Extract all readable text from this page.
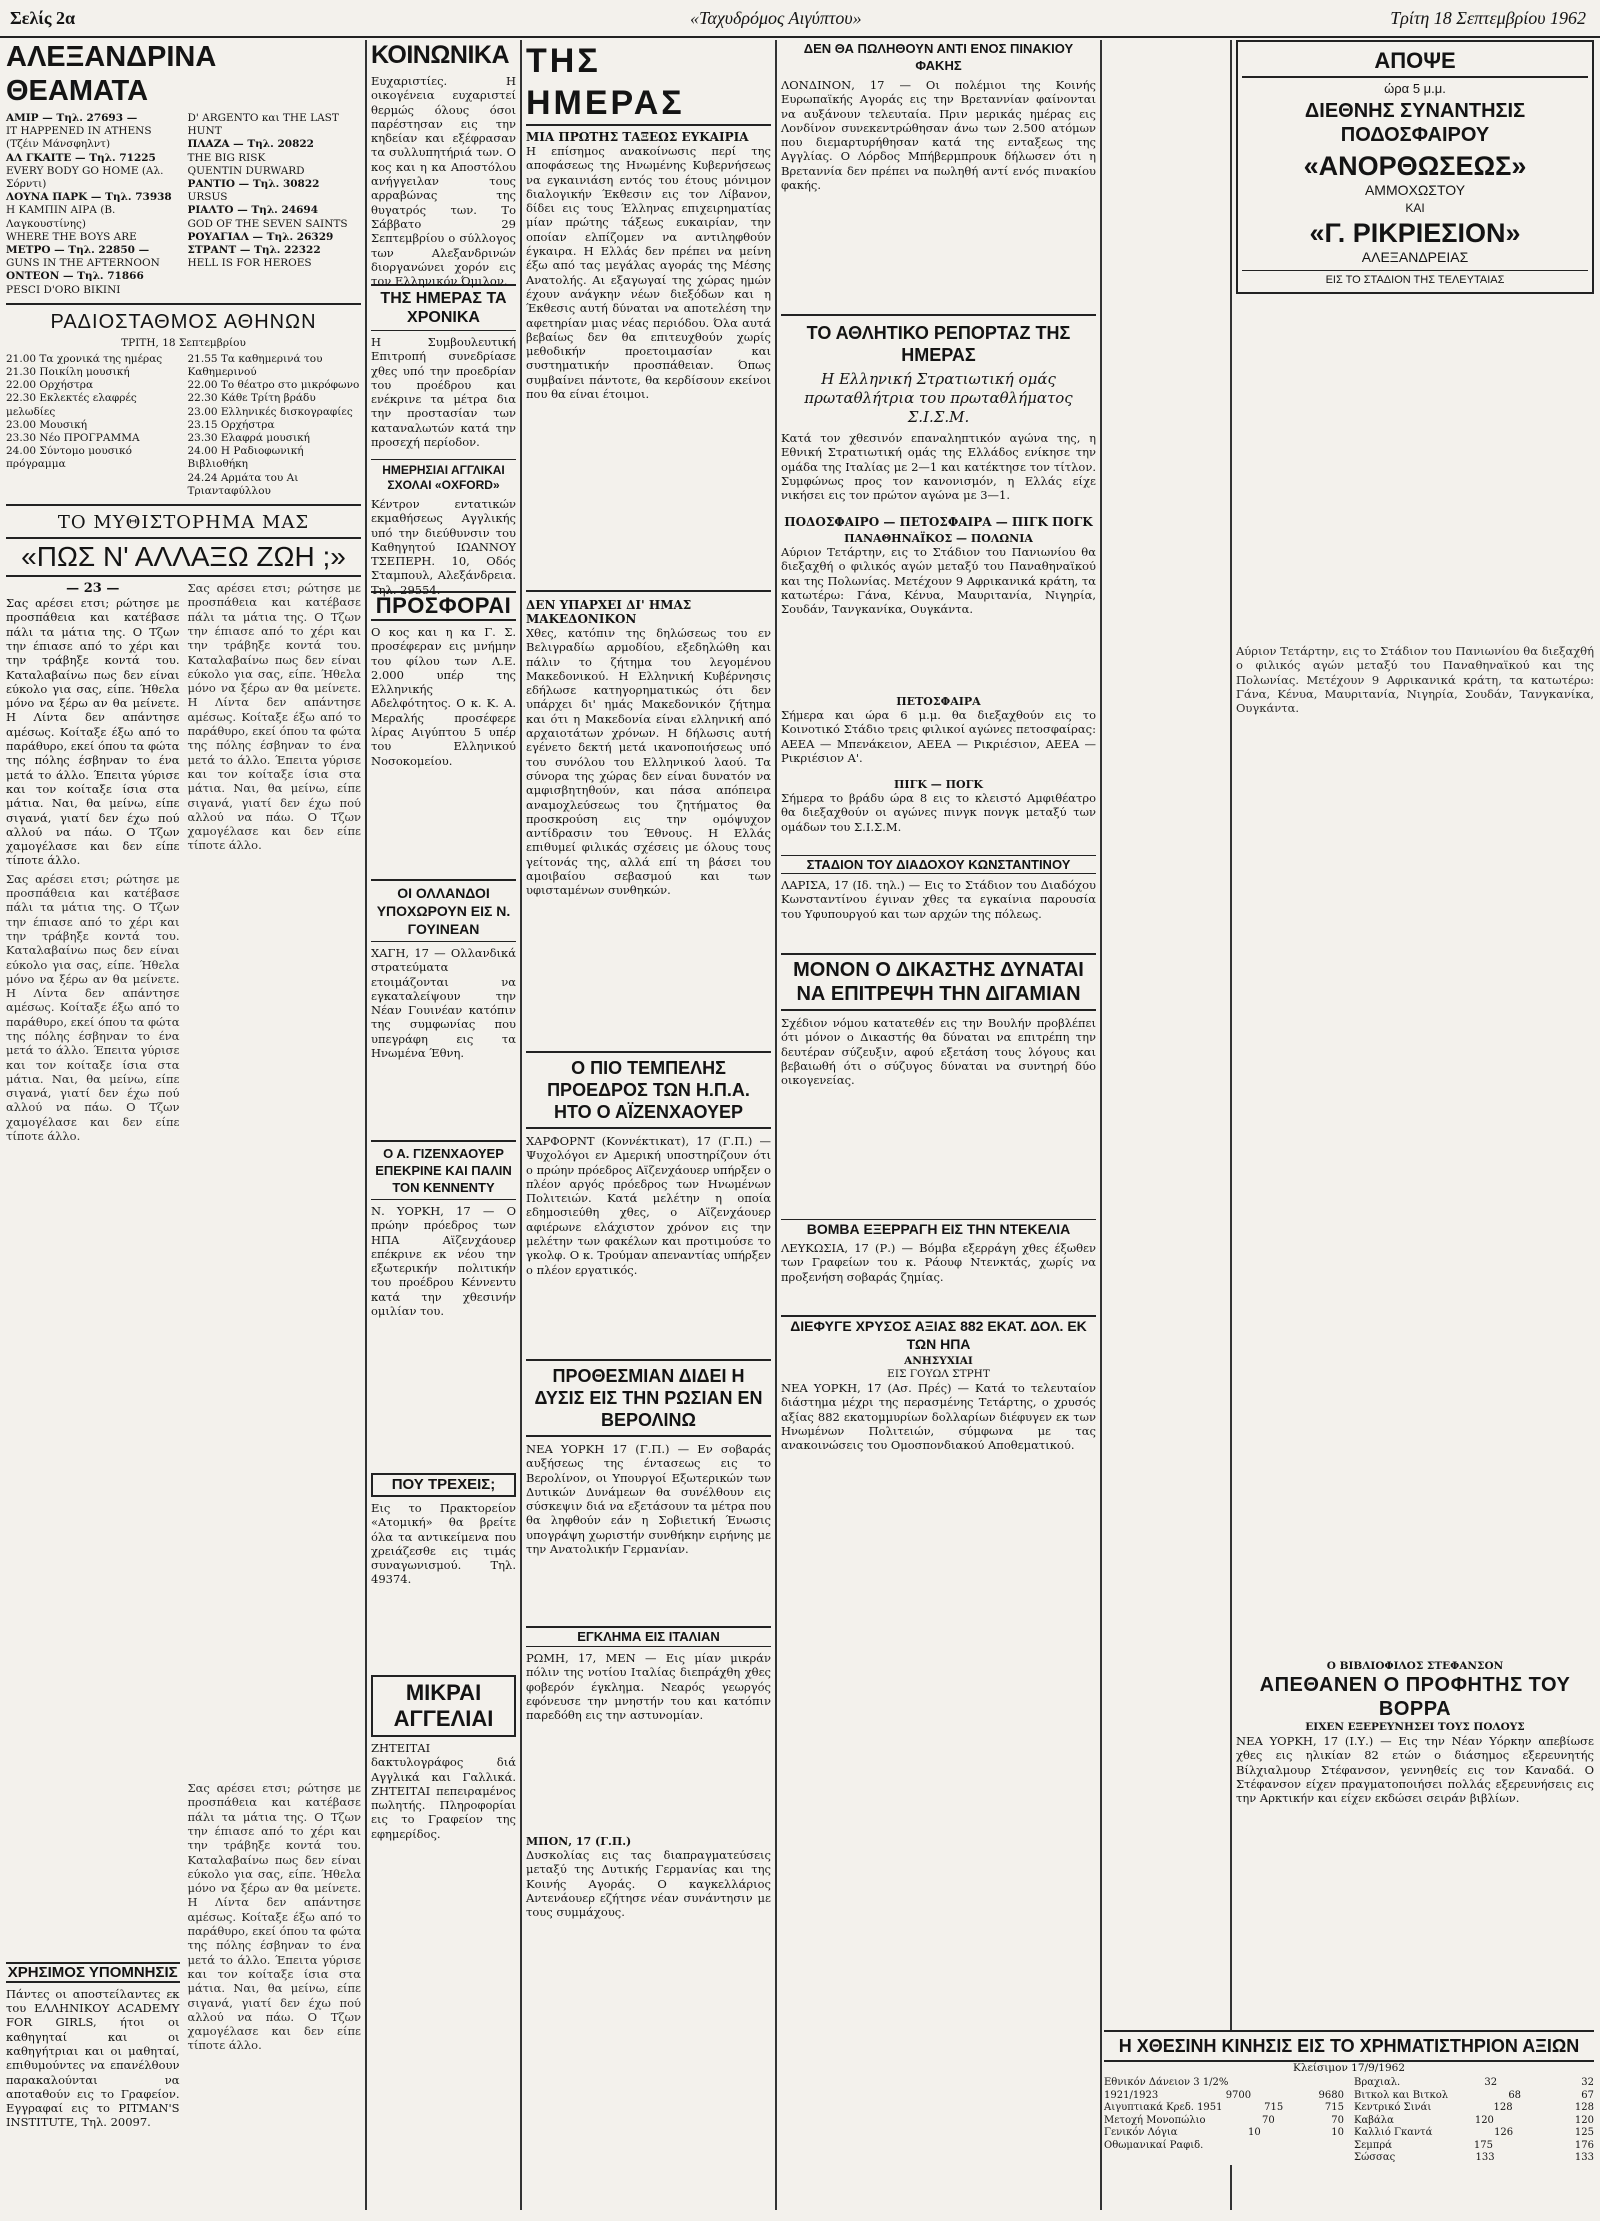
Σελίς 2α	«Ταχυδρόμος Αιγύπτου»	Τρίτη 18 Σεπτεμβρίου 1962
ΑΛΕΞΑΝΔΡΙΝΑ ΘΕΑΜΑΤΑ
ΑΜΙΡ — Τηλ. 27693 —
IT HAPPENED IN ATHENS (Τζέιν Μάνσφηλντ)
ΑΛ ΓΚΑΙΤΕ — Τηλ. 71225
EVERY BODY GO HOME (Αλ. Σόρντι)
ΛΟΥΝΑ ΠΑΡΚ — Τηλ. 73938
Η ΚΑΜΠΙΝ ΑΙΡΑ (Β. Λαγκουστίνης)
WHERE THE BOYS ARE
ΜΕΤΡΟ — Τηλ. 22850 —
GUNS IN THE AFTERNOON
ΟΝΤΕΟΝ — Τηλ. 71866
PESCI D'ORO BIKINI
D' ARGENTO και THE LAST HUNT
ΠΛΑΖΑ — Τηλ. 20822
THE BIG RISK
QUENTIN DURWARD
ΡΑΝΤΙΟ — Τηλ. 30822
URSUS
ΡΙΑΛΤΟ — Τηλ. 24694
GOD OF THE SEVEN SAINTS
ΡΟΥΑΓΙΑΛ — Τηλ. 26329
ΣΤΡΑΝΤ — Τηλ. 22322
HELL IS FOR HEROES
ΡΑΔΙΟΣΤΑΘΜΟΣ ΑΘΗΝΩΝ
ΤΡΙΤΗ, 18 Σεπτεμβρίου
21.00 Τα χρονικά της ημέρας
21.30 Ποικίλη μουσική
22.00 Ορχήστρα
22.30 Εκλεκτές ελαφρές μελωδίες
23.00 Μουσική
23.30 Νέο ΠΡΟΓΡΑΜΜΑ
24.00 Σύντομο μουσικό πρόγραμμα
21.55 Τα καθημερινά του Καθημερινού
22.00 Το θέατρο στο μικρόφωνο
22.30 Κάθε Τρίτη βράδυ
23.00 Ελληνικές δισκογραφίες
23.15 Ορχήστρα
23.30 Ελαφρά μουσική
24.00 Η Ραδιοφωνική Βιβλιοθήκη
24.24 Αρμάτα του Αι Τριανταφύλλου
ΤΟ ΜΥΘΙΣΤΟΡΗΜΑ ΜΑΣ
«ΠΩΣ Ν' ΑΛΛΑΞΩ ΖΩΗ ;»
— 23 —
Σας αρέσει ετσι; ρώτησε με προσπάθεια και κατέβασε πάλι τα μάτια της. Ο Τζων την έπιασε από το χέρι και την τράβηξε κοντά του. Καταλαβαίνω πως δεν είναι εύκολο για σας, είπε. Ήθελα μόνο να ξέρω αν θα μείνετε. Η Λίντα δεν απάντησε αμέσως. Κοίταξε έξω από το παράθυρο, εκεί όπου τα φώτα της πόλης έσβηναν το ένα μετά το άλλο. Έπειτα γύρισε και τον κοίταξε ίσια στα μάτια. Ναι, θα μείνω, είπε σιγανά, γιατί δεν έχω πού αλλού να πάω. Ο Τζων χαμογέλασε και δεν είπε τίποτε άλλο.
Σας αρέσει ετσι; ρώτησε με προσπάθεια και κατέβασε πάλι τα μάτια της. Ο Τζων την έπιασε από το χέρι και την τράβηξε κοντά του. Καταλαβαίνω πως δεν είναι εύκολο για σας, είπε. Ήθελα μόνο να ξέρω αν θα μείνετε. Η Λίντα δεν απάντησε αμέσως. Κοίταξε έξω από το παράθυρο, εκεί όπου τα φώτα της πόλης έσβηναν το ένα μετά το άλλο. Έπειτα γύρισε και τον κοίταξε ίσια στα μάτια. Ναι, θα μείνω, είπε σιγανά, γιατί δεν έχω πού αλλού να πάω. Ο Τζων χαμογέλασε και δεν είπε τίποτε άλλο.
ΧΡΗΣΙΜΟΣ ΥΠΟΜΝΗΣΙΣ
Πάντες οι αποστείλαντες εκ του ΕΛΛΗΝΙΚΟΥ ACADEMY FOR GIRLS, ήτοι οι καθηγηταί και οι καθηγήτριαι και οι μαθηταί, επιθυμούντες να επανέλθουν παρακαλούνται να αποταθούν εις το Γραφείον. Εγγραφαί εις το PITMAN'S INSTITUTE, Τηλ. 20097.
Σας αρέσει ετσι; ρώτησε με προσπάθεια και κατέβασε πάλι τα μάτια της. Ο Τζων την έπιασε από το χέρι και την τράβηξε κοντά του. Καταλαβαίνω πως δεν είναι εύκολο για σας, είπε. Ήθελα μόνο να ξέρω αν θα μείνετε. Η Λίντα δεν απάντησε αμέσως. Κοίταξε έξω από το παράθυρο, εκεί όπου τα φώτα της πόλης έσβηναν το ένα μετά το άλλο. Έπειτα γύρισε και τον κοίταξε ίσια στα μάτια. Ναι, θα μείνω, είπε σιγανά, γιατί δεν έχω πού αλλού να πάω. Ο Τζων χαμογέλασε και δεν είπε τίποτε άλλο.
Σας αρέσει ετσι; ρώτησε με προσπάθεια και κατέβασε πάλι τα μάτια της. Ο Τζων την έπιασε από το χέρι και την τράβηξε κοντά του. Καταλαβαίνω πως δεν είναι εύκολο για σας, είπε. Ήθελα μόνο να ξέρω αν θα μείνετε. Η Λίντα δεν απάντησε αμέσως. Κοίταξε έξω από το παράθυρο, εκεί όπου τα φώτα της πόλης έσβηναν το ένα μετά το άλλο. Έπειτα γύρισε και τον κοίταξε ίσια στα μάτια. Ναι, θα μείνω, είπε σιγανά, γιατί δεν έχω πού αλλού να πάω. Ο Τζων χαμογέλασε και δεν είπε τίποτε άλλο.
ΚΟΙΝΩΝΙΚΑ
Ευχαριστίες. Η οικογένεια ευχαριστεί θερμώς όλους όσοι παρέστησαν εις την κηδείαν και εξέφρασαν τα συλλυπητήριά των. Ο κος και η κα Αποστόλου ανήγγειλαν τους αρραβώνας της θυγατρός των. Το Σάββατο 29 Σεπτεμβρίου ο σύλλογος των Αλεξανδρινών διοργανώνει χορόν εις τον Ελληνικόν Όμιλον.
ΤΗΣ ΗΜΕΡΑΣ ΤΑ ΧΡΟΝΙΚΑ
Η Συμβουλευτική Επιτροπή συνεδρίασε χθες υπό την προεδρίαν του προέδρου και ενέκρινε τα μέτρα δια την προστασίαν των καταναλωτών κατά την προσεχή περίοδον.
ΗΜΕΡΗΣΙΑΙ ΑΓΓΛΙΚΑΙ ΣΧΟΛΑΙ «OXFORD»
Κέντρον εντατικών εκμαθήσεως Αγγλικής υπό την διεύθυνσιν του Καθηγητού ΙΩΑΝΝΟΥ ΤΣΕΠΕΡΗ. 10, Οδός Σταμπουλ, Αλεξάνδρεια. Τηλ. 29554.
ΠΡΟΣΦΟΡΑΙ
Ο κος και η κα Γ. Σ. προσέφεραν εις μνήμην του φίλου των Λ.Ε. 2.000 υπέρ της Ελληνικής Αδελφότητος. Ο κ. Κ. Α. Μεραλής προσέφερε λίρας Αιγύπτου 5 υπέρ του Ελληνικού Νοσοκομείου.
ΟΙ ΟΛΛΑΝΔΟΙ ΥΠΟΧΩΡΟΥΝ ΕΙΣ Ν. ΓΟΥΙΝΕΑΝ
ΧΑΓΗ, 17 — Ολλανδικά στρατεύματα ετοιμάζονται να εγκαταλείψουν την Νέαν Γουινέαν κατόπιν της συμφωνίας που υπεγράφη εις τα Ηνωμένα Έθνη.
Ο Α. ΓΙΖΕΝΧΑΟΥΕΡ ΕΠΕΚΡΙΝΕ ΚΑΙ ΠΑΛΙΝ ΤΟΝ ΚΕΝΝΕΝΤΥ
Ν. ΥΟΡΚΗ, 17 — Ο πρώην πρόεδρος των ΗΠΑ Αϊζενχάουερ επέκρινε εκ νέου την εξωτερικήν πολιτικήν του προέδρου Κέννεντυ κατά την χθεσινήν ομιλίαν του.
ΠΟΥ ΤΡΕΧΕΙΣ;
Εις το Πρακτορείον «Ατομική» θα βρείτε όλα τα αντικείμενα που χρειάζεσθε εις τιμάς συναγωνισμού. Τηλ. 49374.
ΜΙΚΡΑΙ ΑΓΓΕΛΙΑΙ
ΖΗΤΕΙΤΑΙ δακτυλογράφος διά Αγγλικά και Γαλλικά. ΖΗΤΕΙΤΑΙ πεπειραμένος πωλητής. Πληροφορίαι εις το Γραφείον της εφημερίδος.
ΤΗΣ ΗΜΕΡΑΣ
ΜΙΑ ΠΡΩΤΗΣ ΤΑΞΕΩΣ ΕΥΚΑΙΡΙΑ
Η επίσημος ανακοίνωσις περί της αποφάσεως της Ηνωμένης Κυβερνήσεως να εγκαινιάση εντός του έτους μόνιμον διαλογικήν Έκθεσιν εις τον Λίβανον, δίδει εις τους Έλληνας επιχειρηματίας μίαν πρώτης τάξεως ευκαιρίαν, την οποίαν ελπίζομεν να αντιληφθούν έγκαιρα. Η Ελλάς δεν πρέπει να μείνη έξω από τας μεγάλας αγοράς της Μέσης Ανατολής. Αι εξαγωγαί της χώρας ημών έχουν ανάγκην νέων διεξόδων και η Έκθεσις αυτή δύναται να αποτελέση την αφετηρίαν μιας νέας περιόδου. Όλα αυτά βεβαίως δεν θα επιτευχθούν χωρίς μεθοδικήν προετοιμασίαν και συστηματικήν προσπάθειαν. Όπως συμβαίνει πάντοτε, θα κερδίσουν εκείνοι που θα είναι έτοιμοι.
ΔΕΝ ΥΠΑΡΧΕΙ ΔΙ' ΗΜΑΣ ΜΑΚΕΔΟΝΙΚΟΝ
Χθες, κατόπιν της δηλώσεως του εν Βελιγραδίω αρμοδίου, εξεδηλώθη και πάλιν το ζήτημα του λεγομένου Μακεδονικού. Η Ελληνική Κυβέρνησις εδήλωσε κατηγορηματικώς ότι δεν υπάρχει δι' ημάς Μακεδονικόν ζήτημα και ότι η Μακεδονία είναι ελληνική από αρχαιοτάτων χρόνων. Η δήλωσις αυτή εγένετο δεκτή μετά ικανοποιήσεως υπό του συνόλου του Ελληνικού λαού. Τα σύνορα της χώρας δεν είναι δυνατόν να αμφισβητηθούν, και πάσα απόπειρα αναμοχλεύσεως του ζητήματος θα προσκρούση εις την ομόψυχον αντίδρασιν του Έθνους. Η Ελλάς επιθυμεί φιλικάς σχέσεις με όλους τους γείτονάς της, αλλά επί τη βάσει του αμοιβαίου σεβασμού και των υφισταμένων συνθηκών.
Ο ΠΙΟ ΤΕΜΠΕΛΗΣ ΠΡΟΕΔΡΟΣ ΤΩΝ Η.Π.Α. ΗΤΟ Ο ΑΪΖΕΝΧΑΟΥΕΡ
ΧΑΡΦΟΡΝΤ (Κοννέκτικατ), 17 (Γ.Π.) — Ψυχολόγοι εν Αμερική υποστηρίζουν ότι ο πρώην πρόεδρος Αϊζενχάουερ υπήρξεν ο πλέον αργός πρόεδρος των Ηνωμένων Πολιτειών. Κατά μελέτην η οποία εδημοσιεύθη χθες, ο Αϊζενχάουερ αφιέρωνε ελάχιστον χρόνον εις την μελέτην των φακέλων και προτιμούσε το γκολφ. Ο κ. Τρούμαν απεναντίας υπήρξεν ο πλέον εργατικός.
ΠΡΟΘΕΣΜΙΑΝ ΔΙΔΕΙ Η ΔΥΣΙΣ ΕΙΣ ΤΗΝ ΡΩΣΙΑΝ ΕΝ ΒΕΡΟΛΙΝΩ
ΝΕΑ ΥΟΡΚΗ 17 (Γ.Π.) — Εν σοβαράς αυξήσεως της έντασεως εις το Βερολίνον, οι Υπουργοί Εξωτερικών των Δυτικών Δυνάμεων θα συνέλθουν εις σύσκεψιν διά να εξετάσουν τα μέτρα που θα ληφθούν εάν η Σοβιετική Ένωσις υπογράψη χωριστήν συνθήκην ειρήνης με την Ανατολικήν Γερμανίαν.
ΕΓΚΛΗΜΑ ΕΙΣ ΙΤΑΛΙΑΝ
ΡΩΜΗ, 17, ΜΕΝ — Εις μίαν μικράν πόλιν της νοτίου Ιταλίας διεπράχθη χθες φοβερόν έγκλημα. Νεαρός γεωργός εφόνευσε την μνηστήν του και κατόπιν παρεδόθη εις την αστυνομίαν.
ΜΠΟΝ, 17 (Γ.Π.)
Δυσκολίας εις τας διαπραγματεύσεις μεταξύ της Δυτικής Γερμανίας και της Κοινής Αγοράς. Ο καγκελλάριος Αντενάουερ εζήτησε νέαν συνάντησιν με τους συμμάχους.
ΔΕΝ ΘΑ ΠΩΛΗΘΟΥΝ ΑΝΤΙ ΕΝΟΣ ΠΙΝΑΚΙΟΥ ΦΑΚΗΣ
ΛΟΝΔΙΝΟΝ, 17 — Οι πολέμιοι της Κοινής Ευρωπαϊκής Αγοράς εις την Βρεταννίαν φαίνονται να αυξάνουν τελευταία. Πριν μερικάς ημέρας εις Λονδίνον συνεκεντρώθησαν άνω των 2.500 ατόμων που διεμαρτυρήθησαν κατά της ενταξεως της Αγγλίας. Ο Λόρδος Μπήβερμπρουκ δήλωσεν ότι η Βρεταννία δεν πρέπει να πωληθή αντί ενός πινακίου φακής.
ΤΟ ΑΘΛΗΤΙΚΟ ΡΕΠΟΡΤΑΖ ΤΗΣ ΗΜΕΡΑΣ
Η Ελληνική Στρατιωτική ομάς πρωταθλήτρια του πρωταθλήματος Σ.Ι.Σ.Μ.
Κατά τον χθεσινόν επαναληπτικόν αγώνα της, η Εθνική Στρατιωτική ομάς της Ελλάδος ενίκησε την ομάδα της Ιταλίας με 2—1 και κατέκτησε τον τίτλον. Συμφώνως προς τον κανονισμόν, η Ελλάς είχε νικήσει εις τον πρώτον αγώνα με 3—1.
ΠΟΔΟΣΦΑΙΡΟ — ΠΕΤΟΣΦΑΙΡΑ — ΠΙΓΚ ΠΟΓΚ
ΠΑΝΑΘΗΝΑΪΚΟΣ — ΠΟΛΩΝΙΑ
Αύριον Τετάρτην, εις το Στάδιον του Πανιωνίου θα διεξαχθή ο φιλικός αγών μεταξύ του Παναθηναϊκού και της Πολωνίας. Μετέχουν 9 Αφρικανικά κράτη, τα κατωτέρω: Γάνα, Κένυα, Μαυριτανία, Νιγηρία, Σουδάν, Τανγκανίκα, Ουγκάντα.
ΠΕΤΟΣΦΑΙΡΑ
Σήμερα και ώρα 6 μ.μ. θα διεξαχθούν εις το Κοινοτικό Στάδιο τρεις φιλικοί αγώνες πετοσφαίρας: ΑΕΕΑ — Μπενάκειον, ΑΕΕΑ — Ρικριέσιον, ΑΕΕΑ — Ρικριέσιον Α'.
ΠΙΓΚ — ΠΟΓΚ
Σήμερα το βράδυ ώρα 8 εις το κλειστό Αμφιθέατρο θα διεξαχθούν οι αγώνες πινγκ πονγκ μεταξύ των ομάδων του Σ.Ι.Σ.Μ.
ΣΤΑΔΙΟΝ ΤΟΥ ΔΙΑΔΟΧΟΥ ΚΩΝΣΤΑΝΤΙΝΟΥ
ΛΑΡΙΣΑ, 17 (Ιδ. τηλ.) — Εις το Στάδιον του Διαδόχου Κωνσταντίνου έγιναν χθες τα εγκαίνια παρουσία του Υφυπουργού και των αρχών της πόλεως.
ΜΟΝΟΝ Ο ΔΙΚΑΣΤΗΣ ΔΥΝΑΤΑΙ ΝΑ ΕΠΙΤΡΕΨΗ ΤΗΝ ΔΙΓΑΜΙΑΝ
Σχέδιον νόμου κατατεθέν εις την Βουλήν προβλέπει ότι μόνον ο Δικαστής θα δύναται να επιτρέπη την δευτέραν σύζευξιν, αφού εξετάση τους λόγους και βεβαιωθή ότι ο σύζυγος δύναται να συντηρή δύο οικογενείας.
ΒΟΜΒΑ ΕΞΕΡΡΑΓΗ ΕΙΣ ΤΗΝ ΝΤΕΚΕΛΙΑ
ΛΕΥΚΩΣΙΑ, 17 (Ρ.) — Βόμβα εξερράγη χθες έξωθεν των Γραφείων του κ. Ράουφ Ντενκτάς, χωρίς να προξενήση σοβαράς ζημίας.
ΔΙΕΦΥΓΕ ΧΡΥΣΟΣ ΑΞΙΑΣ 882 ΕΚΑΤ. ΔΟΛ. ΕΚ ΤΩΝ ΗΠΑ
ΑΝΗΣΥΧΙΑΙ
ΕΙΣ ΓΟΥΩΛ ΣΤΡΗΤ
ΝΕΑ ΥΟΡΚΗ, 17 (Ασ. Πρές) — Κατά το τελευταίον διάστημα μέχρι της περασμένης Τετάρτης, ο χρυσός αξίας 882 εκατομμυρίων δολλαρίων διέφυγεν εκ των Ηνωμένων Πολιτειών, σύμφωνα με τας ανακοινώσεις του Ομοσπονδιακού Αποθεματικού.
ΑΠΟΨΕ
ώρα 5 μ.μ.
ΔΙΕΘΝΗΣ ΣΥΝΑΝΤΗΣΙΣ ΠΟΔΟΣΦΑΙΡΟΥ
«ΑΝΟΡΘΩΣΕΩΣ»
ΑΜΜΟΧΩΣΤΟΥ
ΚΑΙ
«Γ. ΡΙΚΡΙΕΣΙΟΝ»
ΑΛΕΞΑΝΔΡΕΙΑΣ
ΕΙΣ ΤΟ ΣΤΑΔΙΟΝ ΤΗΣ ΤΕΛΕΥΤΑΙΑΣ
Αύριον Τετάρτην, εις το Στάδιον του Πανιωνίου θα διεξαχθή ο φιλικός αγών μεταξύ του Παναθηναϊκού και της Πολωνίας. Μετέχουν 9 Αφρικανικά κράτη, τα κατωτέρω: Γάνα, Κένυα, Μαυριτανία, Νιγηρία, Σουδάν, Τανγκανίκα, Ουγκάντα.
Ο ΒΙΒΛΙΟΦΙΛΟΣ ΣΤΕΦΑΝΣΟΝ
ΑΠΕΘΑΝΕΝ Ο ΠΡΟΦΗΤΗΣ ΤΟΥ ΒΟΡΡΑ
ΕΙΧΕΝ ΕΞΕΡΕΥΝΗΣΕΙ ΤΟΥΣ ΠΟΛΟΥΣ
ΝΕΑ ΥΟΡΚΗ, 17 (Ι.Υ.) — Εις την Νέαν Υόρκην απεβίωσε χθες εις ηλικίαν 82 ετών ο διάσημος εξερευνητής Βίλχιαλμουρ Στέφανσον, γεννηθείς εις τον Καναδά. Ο Στέφανσον είχεν πραγματοποιήσει πολλάς εξερευνήσεις εις την Αρκτικήν και είχεν εκδώσει σειράν βιβλίων.
Η ΧΘΕΣΙΝΗ ΚΙΝΗΣΙΣ ΕΙΣ ΤΟ ΧΡΗΜΑΤΙΣΤΗΡΙΟΝ ΑΞΙΩΝ
Κλείσιμον 17/9/1962
Εθνικόν Δάνειον 3 1/2%
1921/1923	9700	9680
Αιγυπτιακά Κρεδ. 1951	715	715
Μετοχή Μονοπώλιο	70	70
Γενικόν Λόγια	10	10
Οθωμανικαί Ραφιδ.
Βραχιαλ.	32	32
Βιτκολ και Βιτκολ	68	67
Κεντρικό Σινάι	128	128
Καβάλα	120	120
Καλλιό Γκαντά	126	125
Σεμπρά	175	176
Σώσσας	133	133
